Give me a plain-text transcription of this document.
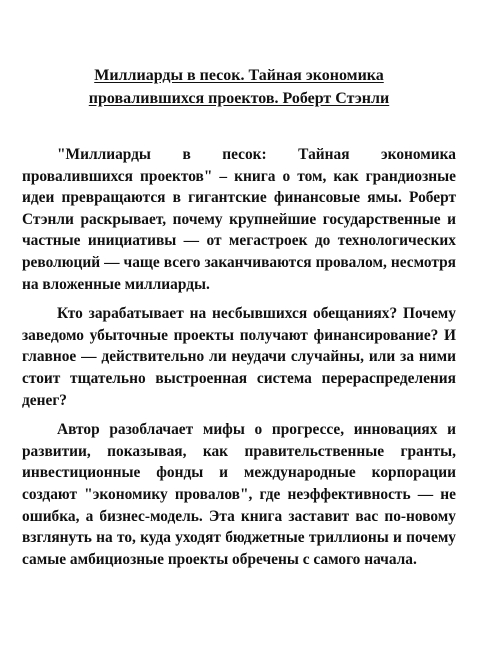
Миллиарды в песок. Тайная экономика
провалившихся проектов. Роберт Стэнли

"Миллиарды в песок: Тайная экономика провалившихся проектов" – книга о том, как грандиозные идеи превращаются в гигантские финансовые ямы. Роберт Стэнли раскрывает, почему крупнейшие государственные и частные инициативы — от мегастроек до технологических революций — чаще всего заканчиваются провалом, несмотря на вложенные миллиарды.

Кто зарабатывает на несбывшихся обещаниях? Почему заведомо убыточные проекты получают финансирование? И главное — действительно ли неудачи случайны, или за ними стоит тщательно выстроенная система перераспределения денег?

Автор разоблачает мифы о прогрессе, инновациях и развитии, показывая, как правительственные гранты, инвестиционные фонды и международные корпорации создают "экономику провалов", где неэффективность — не ошибка, а бизнес-модель. Эта книга заставит вас по-новому взглянуть на то, куда уходят бюджетные триллионы и почему самые амбициозные проекты обречены с самого начала.
